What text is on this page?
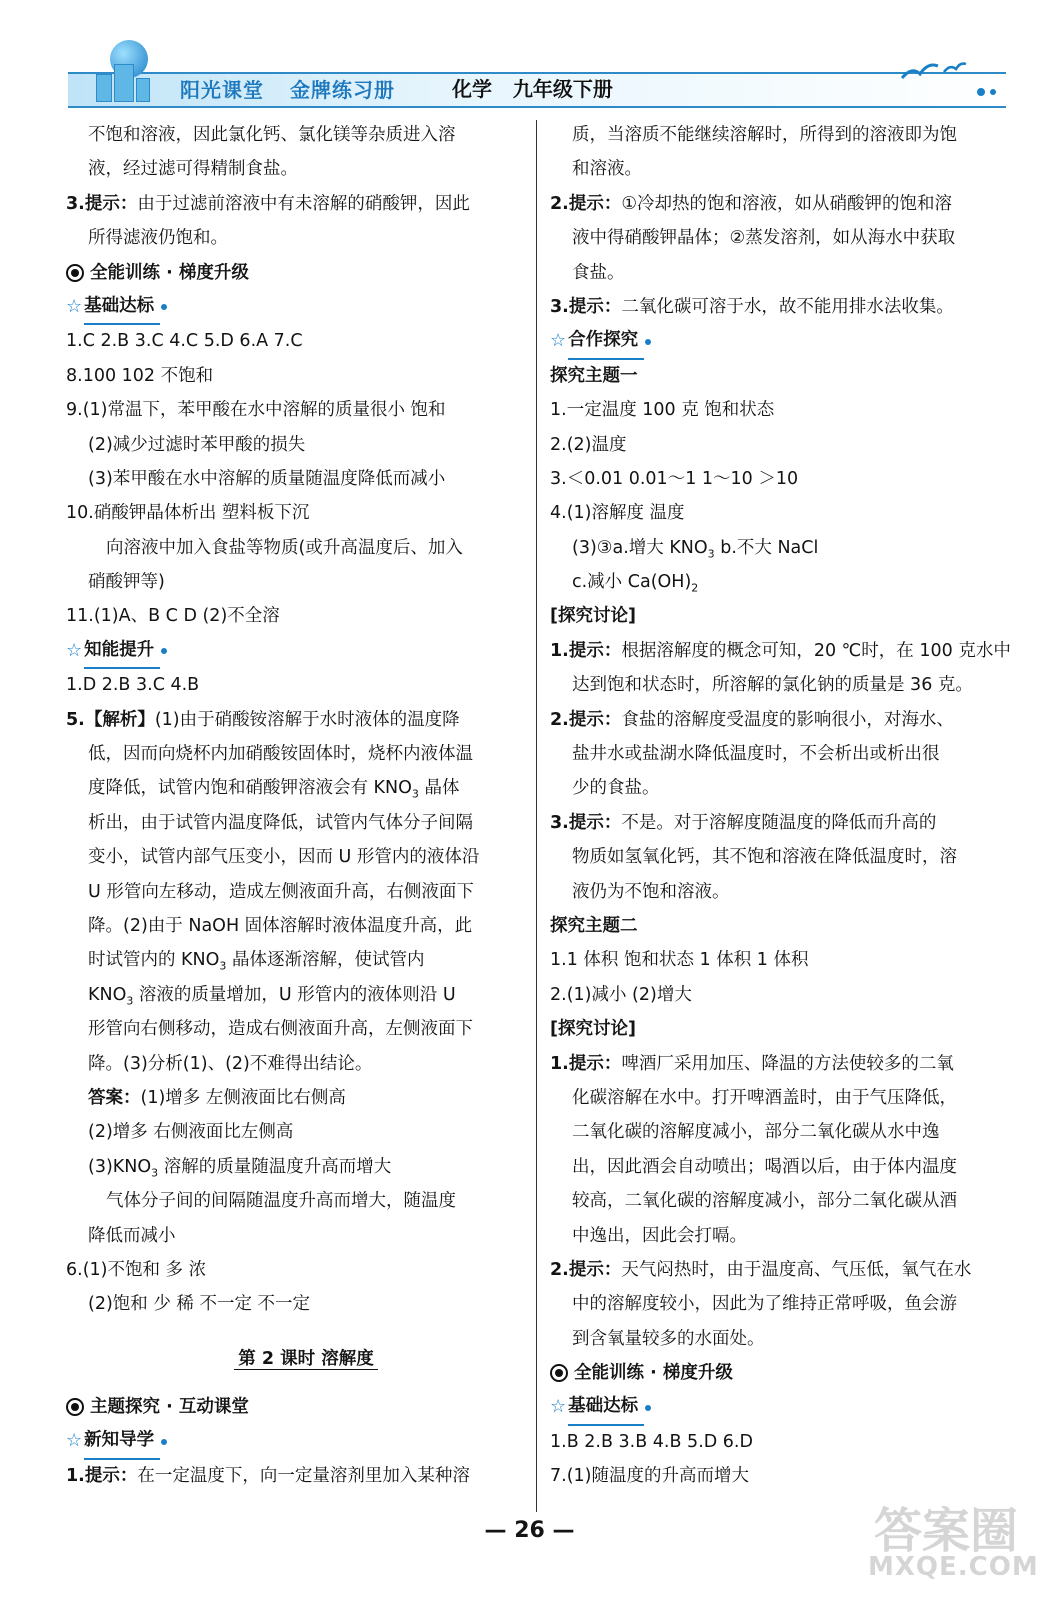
阳光课堂 金牌练习册	化学 九年级下册
不饱和溶液，因此氯化钙、氯化镁等杂质进入溶
液，经过滤可得精制食盐。
3.提示：由于过滤前溶液中有未溶解的硝酸钾，因此
所得滤液仍饱和。
全能训练 · 梯度升级
☆ 基础达标
1.C 2.B 3.C 4.C 5.D 6.A 7.C
8.100 102 不饱和
9.(1)常温下，苯甲酸在水中溶解的质量很小 饱和
(2)减少过滤时苯甲酸的损失
(3)苯甲酸在水中溶解的质量随温度降低而减小
10.硝酸钾晶体析出 塑料板下沉
向溶液中加入食盐等物质(或升高温度后、加入
硝酸钾等)
11.(1)A、B C D (2)不全溶
☆ 知能提升
1.D 2.B 3.C 4.B
5.【解析】(1)由于硝酸铵溶解于水时液体的温度降
低，因而向烧杯内加硝酸铵固体时，烧杯内液体温
度降低，试管内饱和硝酸钾溶液会有 $KNO_3$ 晶体
析出，由于试管内温度降低，试管内气体分子间隔
变小，试管内部气压变小，因而 U 形管内的液体沿
U 形管向左移动，造成左侧液面升高，右侧液面下
降。(2)由于 NaOH 固体溶解时液体温度升高，此
时试管内的 $KNO_3$ 晶体逐渐溶解，使试管内
$KNO_3$ 溶液的质量增加，U 形管内的液体则沿 U
形管向右侧移动，造成右侧液面升高，左侧液面下
降。(3)分析(1)、(2)不难得出结论。
答案：(1)增多 左侧液面比右侧高
(2)增多 右侧液面比左侧高
$(3)KNO_3$ 溶解的质量随温度升高而增大
气体分子间的间隔随温度升高而增大，随温度
降低而减小
6.(1)不饱和 多 浓
(2)饱和 少 稀 不一定 不一定
第 2 课时 溶解度
主题探究 · 互动课堂
☆ 新知导学
1.提示：在一定温度下，向一定量溶剂里加入某种溶
质，当溶质不能继续溶解时，所得到的溶液即为饱
和溶液。
2.提示：①冷却热的饱和溶液，如从硝酸钾的饱和溶
液中得硝酸钾晶体；②蒸发溶剂，如从海水中获取
食盐。
3.提示：二氧化碳可溶于水，故不能用排水法收集。
☆ 合作探究
探究主题一
1.一定温度 100 克 饱和状态
2.(2)温度
3.＜0.01 0.01～1 1～10 ＞10
4.(1)溶解度 温度
(3)③a.增大 $KNO_3$ b.不大 NaCl
c.减小 $Ca(OH)_2$
[探究讨论]
1.提示：根据溶解度的概念可知，20 ℃时，在 100 克水中
达到饱和状态时，所溶解的氯化钠的质量是 36 克。
2.提示：食盐的溶解度受温度的影响很小，对海水、
盐井水或盐湖水降低温度时，不会析出或析出很
少的食盐。
3.提示：不是。对于溶解度随温度的降低而升高的
物质如氢氧化钙，其不饱和溶液在降低温度时，溶
液仍为不饱和溶液。
探究主题二
1.1 体积 饱和状态 1 体积 1 体积
2.(1)减小 (2)增大
[探究讨论]
1.提示：啤酒厂采用加压、降温的方法使较多的二氧
化碳溶解在水中。打开啤酒盖时，由于气压降低，
二氧化碳的溶解度减小，部分二氧化碳从水中逸
出，因此酒会自动喷出；喝酒以后，由于体内温度
较高，二氧化碳的溶解度减小，部分二氧化碳从酒
中逸出，因此会打嗝。
2.提示：天气闷热时，由于温度高、气压低，氧气在水
中的溶解度较小，因此为了维持正常呼吸，鱼会游
到含氧量较多的水面处。
全能训练 · 梯度升级
☆ 基础达标
1.B 2.B 3.B 4.B 5.D 6.D
7.(1)随温度的升高而增大
— 26 —	答案圈
MXQE.COM
